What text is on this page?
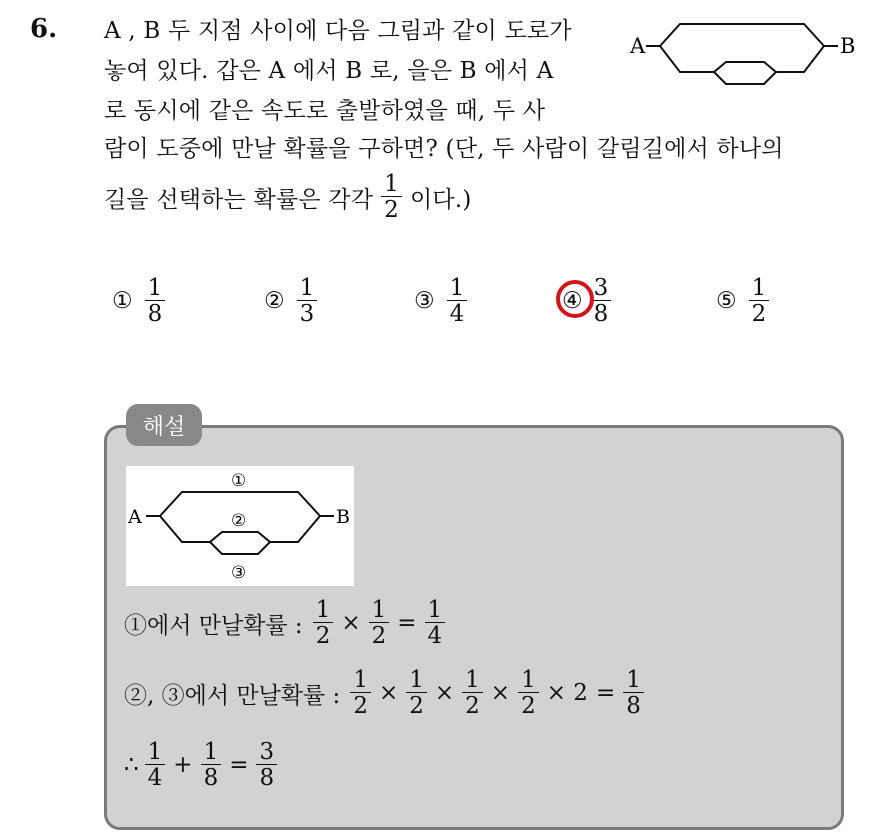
6. A , B 두 지점 사이에 다음 그림과 같이 도로가
놓여 있다. 갑은 A 에서 B 로, 을은 B 에서 A
로 동시에 같은 속도로 출발하였을 때, 두 사
람이 도중에 만날 확률을 구하면? (단, 두 사람이 갈림길에서 하나의
길을 선택하는 확률은 각각 $\frac{1}{2}$ 이다.)
A	B
① $\frac{1}{8}$	② $\frac{1}{3}$	③ $\frac{1}{4}$	④ $\frac{3}{8}$	⑤ $\frac{1}{2}$
해설
A	B
①
②
③
①에서 만날확률 : $\frac{1}{2} \times \frac{1}{2} = \frac{1}{4}$
②, ③에서 만날확률 : $\frac{1}{2} \times \frac{1}{2} \times \frac{1}{2} \times \frac{1}{2} \times 2 = \frac{1}{8}$
∴ $\frac{1}{4} + \frac{1}{8} = \frac{3}{8}$
